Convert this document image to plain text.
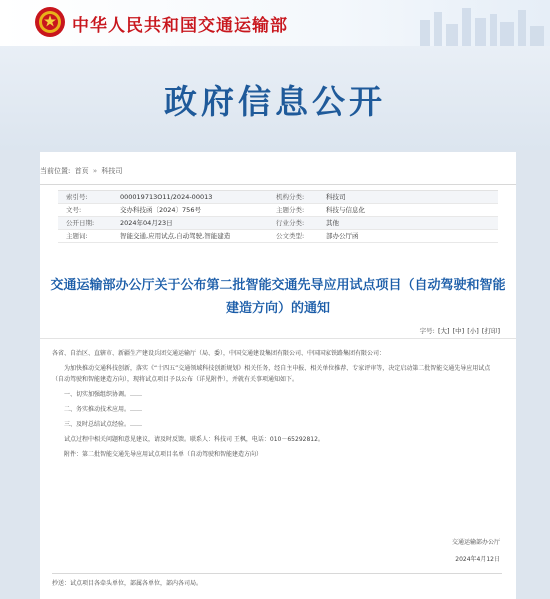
中华人民共和国交通运输部
政府信息公开
当前位置: 首页 » 科技司
索引号:	000019713O11/2024-00013	机构分类:	科技司
文号:	交办科技函〔2024〕756号	主题分类:	科技与信息化
公开日期:	2024年04月23日	行业分类:	其他
主题词:	智能交通,应用试点,自动驾驶,智能建造	公文类型:	部办公厅函
交通运输部办公厅关于公布第二批智能交通先导应用试点项目（自动驾驶和智能建造方向）的通知
字号: [大] [中] [小] [打印]

各省、自治区、直辖市、新疆生产建设兵团交通运输厅（局、委），中国交通建设集团有限公司、中国国家铁路集团有限公司：

为加快推动交通科技创新，落实《“十四五”交通领域科技创新规划》相关任务，经自主申报、相关单位推荐、专家评审等，决定启动第二批智能交通先导应用试点（自动驾驶和智能建造方向），现将试点项目予以公布（详见附件），并就有关事项通知如下。

一、切实加强组织协调。……

二、务实推动技术应用。……

三、及时总结试点经验。……

试点过程中相关问题和意见建议，请及时反馈。联系人：科技司 王枫，电话：010－65292812。

附件：第二批智能交通先导应用试点项目名单（自动驾驶和智能建造方向）

交通运输部办公厅
2024年4月12日
抄送：试点项目各牵头单位，部属各单位，部内各司局。
